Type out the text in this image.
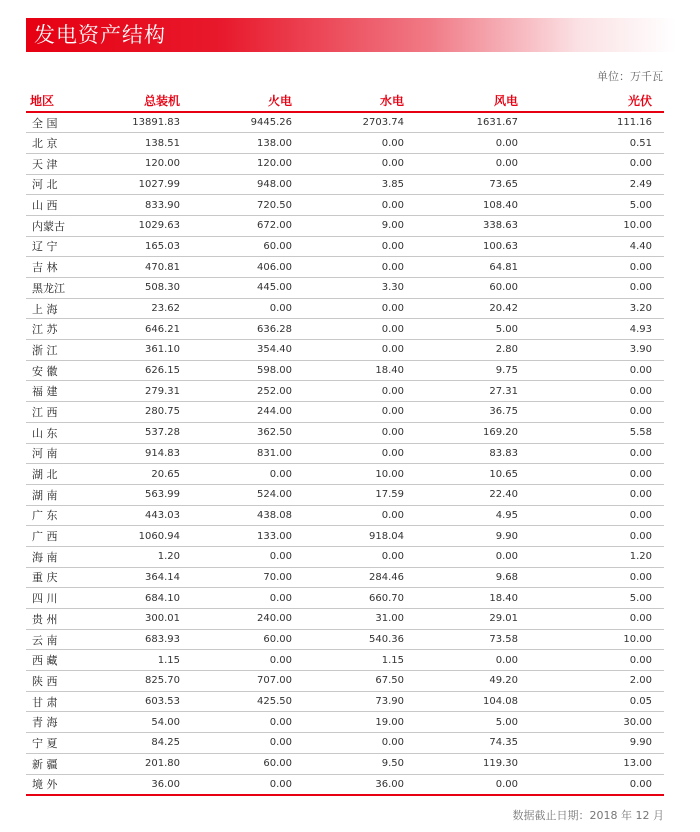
发电资产结构
单位：万千瓦
地区	总装机	火电	水电	风电	光伏
全 国	13891.83	9445.26	2703.74	1631.67	111.16
北 京	138.51	138.00	0.00	0.00	0.51
天 津	120.00	120.00	0.00	0.00	0.00
河 北	1027.99	948.00	3.85	73.65	2.49
山 西	833.90	720.50	0.00	108.40	5.00
内蒙古	1029.63	672.00	9.00	338.63	10.00
辽 宁	165.03	60.00	0.00	100.63	4.40
吉 林	470.81	406.00	0.00	64.81	0.00
黑龙江	508.30	445.00	3.30	60.00	0.00
上 海	23.62	0.00	0.00	20.42	3.20
江 苏	646.21	636.28	0.00	5.00	4.93
浙 江	361.10	354.40	0.00	2.80	3.90
安 徽	626.15	598.00	18.40	9.75	0.00
福 建	279.31	252.00	0.00	27.31	0.00
江 西	280.75	244.00	0.00	36.75	0.00
山 东	537.28	362.50	0.00	169.20	5.58
河 南	914.83	831.00	0.00	83.83	0.00
湖 北	20.65	0.00	10.00	10.65	0.00
湖 南	563.99	524.00	17.59	22.40	0.00
广 东	443.03	438.08	0.00	4.95	0.00
广 西	1060.94	133.00	918.04	9.90	0.00
海 南	1.20	0.00	0.00	0.00	1.20
重 庆	364.14	70.00	284.46	9.68	0.00
四 川	684.10	0.00	660.70	18.40	5.00
贵 州	300.01	240.00	31.00	29.01	0.00
云 南	683.93	60.00	540.36	73.58	10.00
西 藏	1.15	0.00	1.15	0.00	0.00
陕 西	825.70	707.00	67.50	49.20	2.00
甘 肃	603.53	425.50	73.90	104.08	0.05
青 海	54.00	0.00	19.00	5.00	30.00
宁 夏	84.25	0.00	0.00	74.35	9.90
新 疆	201.80	60.00	9.50	119.30	13.00
境 外	36.00	0.00	36.00	0.00	0.00
数据截止日期：2018 年 12 月
